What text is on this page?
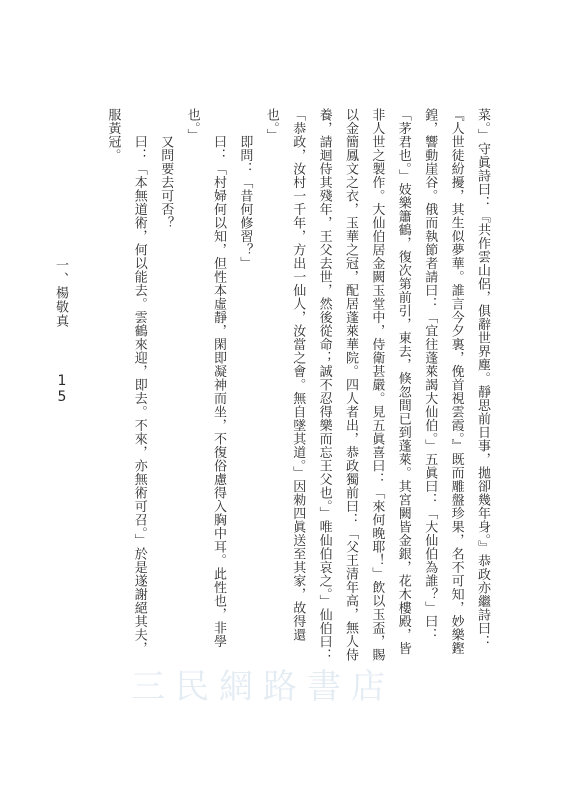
菜。」守眞詩曰：『共作雲山侶，俱辭世界塵。靜思前日事，拋卻幾年身。』恭政亦繼詩曰：
『人世徒紛擾，其生似夢華。誰言今夕裏，俛首視雲霞。』既而雕盤珍果，名不可知，妙樂鏗
鍠，響動崖谷。俄而執節者請曰：「宜往蓬萊謁大仙伯。」五眞曰：「大仙伯為誰？」曰：
「茅君也。」妓樂簫鶴，復次第前引，東去，倏忽間已到蓬萊。其宮闕皆金銀，花木樓殿，皆
非人世之製作。大仙伯居金闕玉堂中，侍衛甚嚴。見五眞喜曰：「來何晚耶！」飲以玉盃，賜
以金簡鳳文之衣，玉華之冠，配居蓬萊華院。四人者出，恭政獨前曰：「父王清年高，無人侍
養，請迴侍其殘年，王父去世，然後從命；誠不忍得樂而忘王父也。」唯仙伯哀之。」仙伯曰：
「恭政，汝村一千年，方出一仙人，汝當之會。無自墜其道。」因勑四眞送至其家，故得還
也。」
　　即問：「昔何修習？」
　　曰：「村婦何以知，但性本虛靜，閑即凝神而坐，不復俗慮得入胸中耳。此性也，非學
也。」
　　又問要去可否？
　　曰：「本無道術，何以能去。雲鶴來迎，即去。不來，亦無術可召。」於是遂謝絕其夫，
服黃冠。
一、楊敬真
15
三民網路書店
